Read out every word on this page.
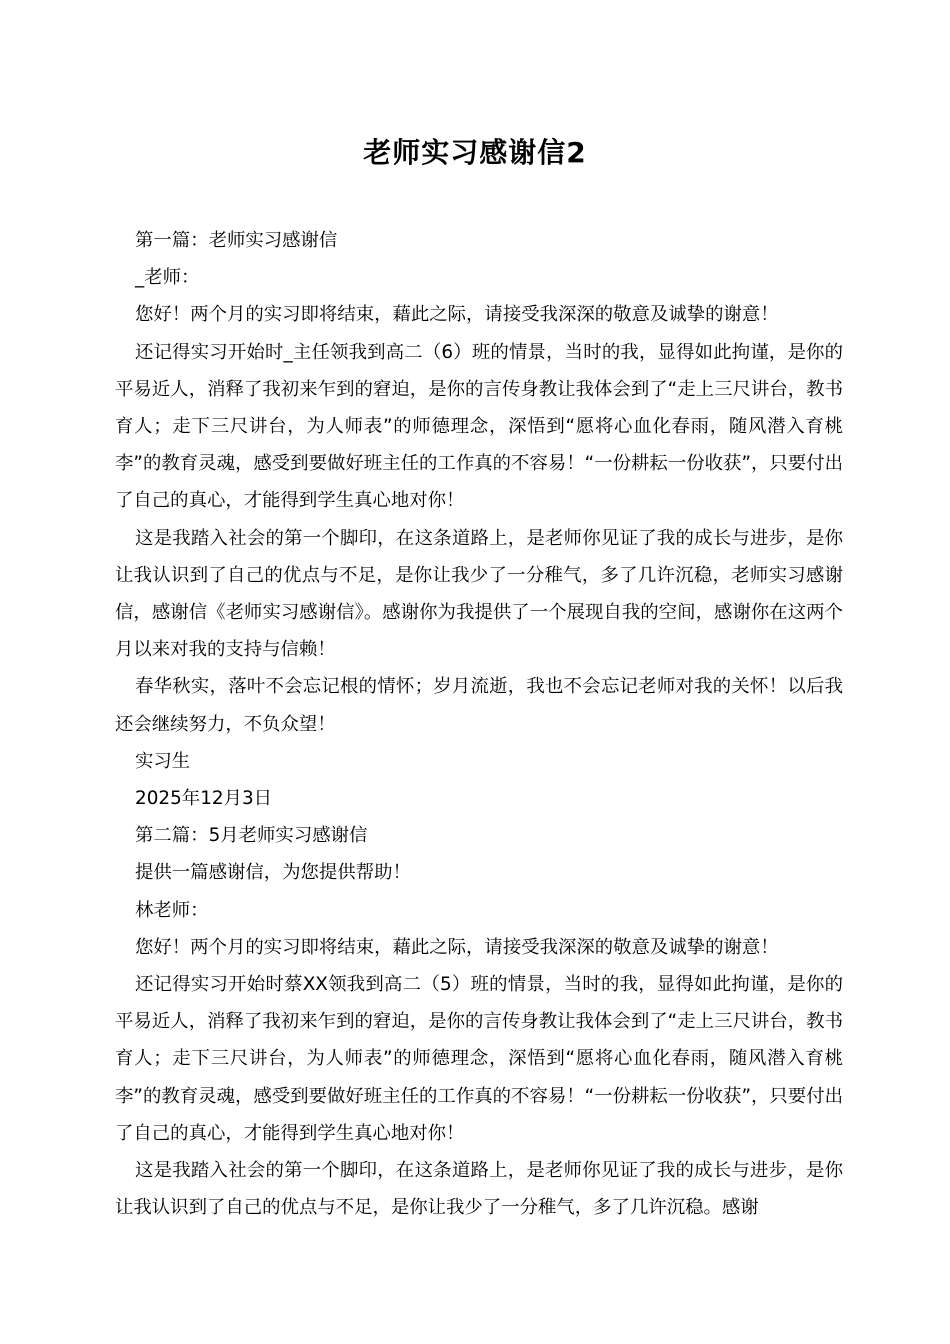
老师实习感谢信2

第一篇：老师实习感谢信

_老师：

您好！两个月的实习即将结束，藉此之际，请接受我深深的敬意及诚挚的谢意！

还记得实习开始时_主任领我到高二（6）班的情景，当时的我，显得如此拘谨，是你的平易近人，消释了我初来乍到的窘迫，是你的言传身教让我体会到了“走上三尺讲台，教书育人；走下三尺讲台，为人师表”的师德理念，深悟到“愿将心血化春雨，随风潜入育桃李”的教育灵魂，感受到要做好班主任的工作真的不容易！“一份耕耘一份收获”，只要付出了自己的真心，才能得到学生真心地对你！

这是我踏入社会的第一个脚印，在这条道路上，是老师你见证了我的成长与进步，是你让我认识到了自己的优点与不足，是你让我少了一分稚气，多了几许沉稳，老师实习感谢信，感谢信《老师实习感谢信》。感谢你为我提供了一个展现自我的空间，感谢你在这两个月以来对我的支持与信赖！

春华秋实，落叶不会忘记根的情怀；岁月流逝，我也不会忘记老师对我的关怀！以后我还会继续努力，不负众望！

实习生

2025年12月3日

第二篇：5月老师实习感谢信

提供一篇感谢信，为您提供帮助！

林老师：

您好！两个月的实习即将结束，藉此之际，请接受我深深的敬意及诚挚的谢意！

还记得实习开始时蔡XX领我到高二（5）班的情景，当时的我，显得如此拘谨，是你的平易近人，消释了我初来乍到的窘迫，是你的言传身教让我体会到了“走上三尺讲台，教书育人；走下三尺讲台，为人师表”的师德理念，深悟到“愿将心血化春雨，随风潜入育桃李”的教育灵魂，感受到要做好班主任的工作真的不容易！“一份耕耘一份收获”，只要付出了自己的真心，才能得到学生真心地对你！

这是我踏入社会的第一个脚印，在这条道路上，是老师你见证了我的成长与进步，是你让我认识到了自己的优点与不足，是你让我少了一分稚气，多了几许沉稳。感谢
